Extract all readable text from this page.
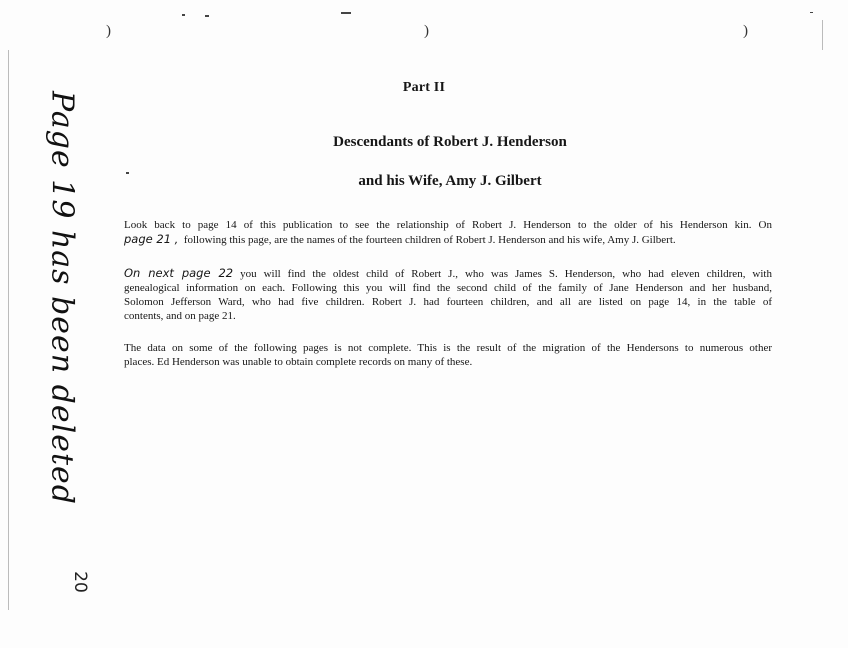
)	)	)
Part II
Descendants of Robert J. Henderson
and his Wife, Amy J. Gilbert
Look back to page 14 of this publication to see the relationship of Robert J. Henderson to the older of his Henderson kin. On
page 21 , following this page, are the names of the fourteen children of Robert J. Henderson and his wife, Amy J. Gilbert.
On next page 22 you will find the oldest child of Robert J., who was James S. Henderson, who had eleven children, with
genealogical information on each. Following this you will find the second child of the family of Jane Henderson and her husband,
Solomon Jefferson Ward, who had five children. Robert J. had fourteen children, and all are listed on page 14, in the table of
contents, and on page 21.
The data on some of the following pages is not complete. This is the result of the migration of the Hendersons to numerous other
places. Ed Henderson was unable to obtain complete records on many of these.
Page 19 has been deleted
20
